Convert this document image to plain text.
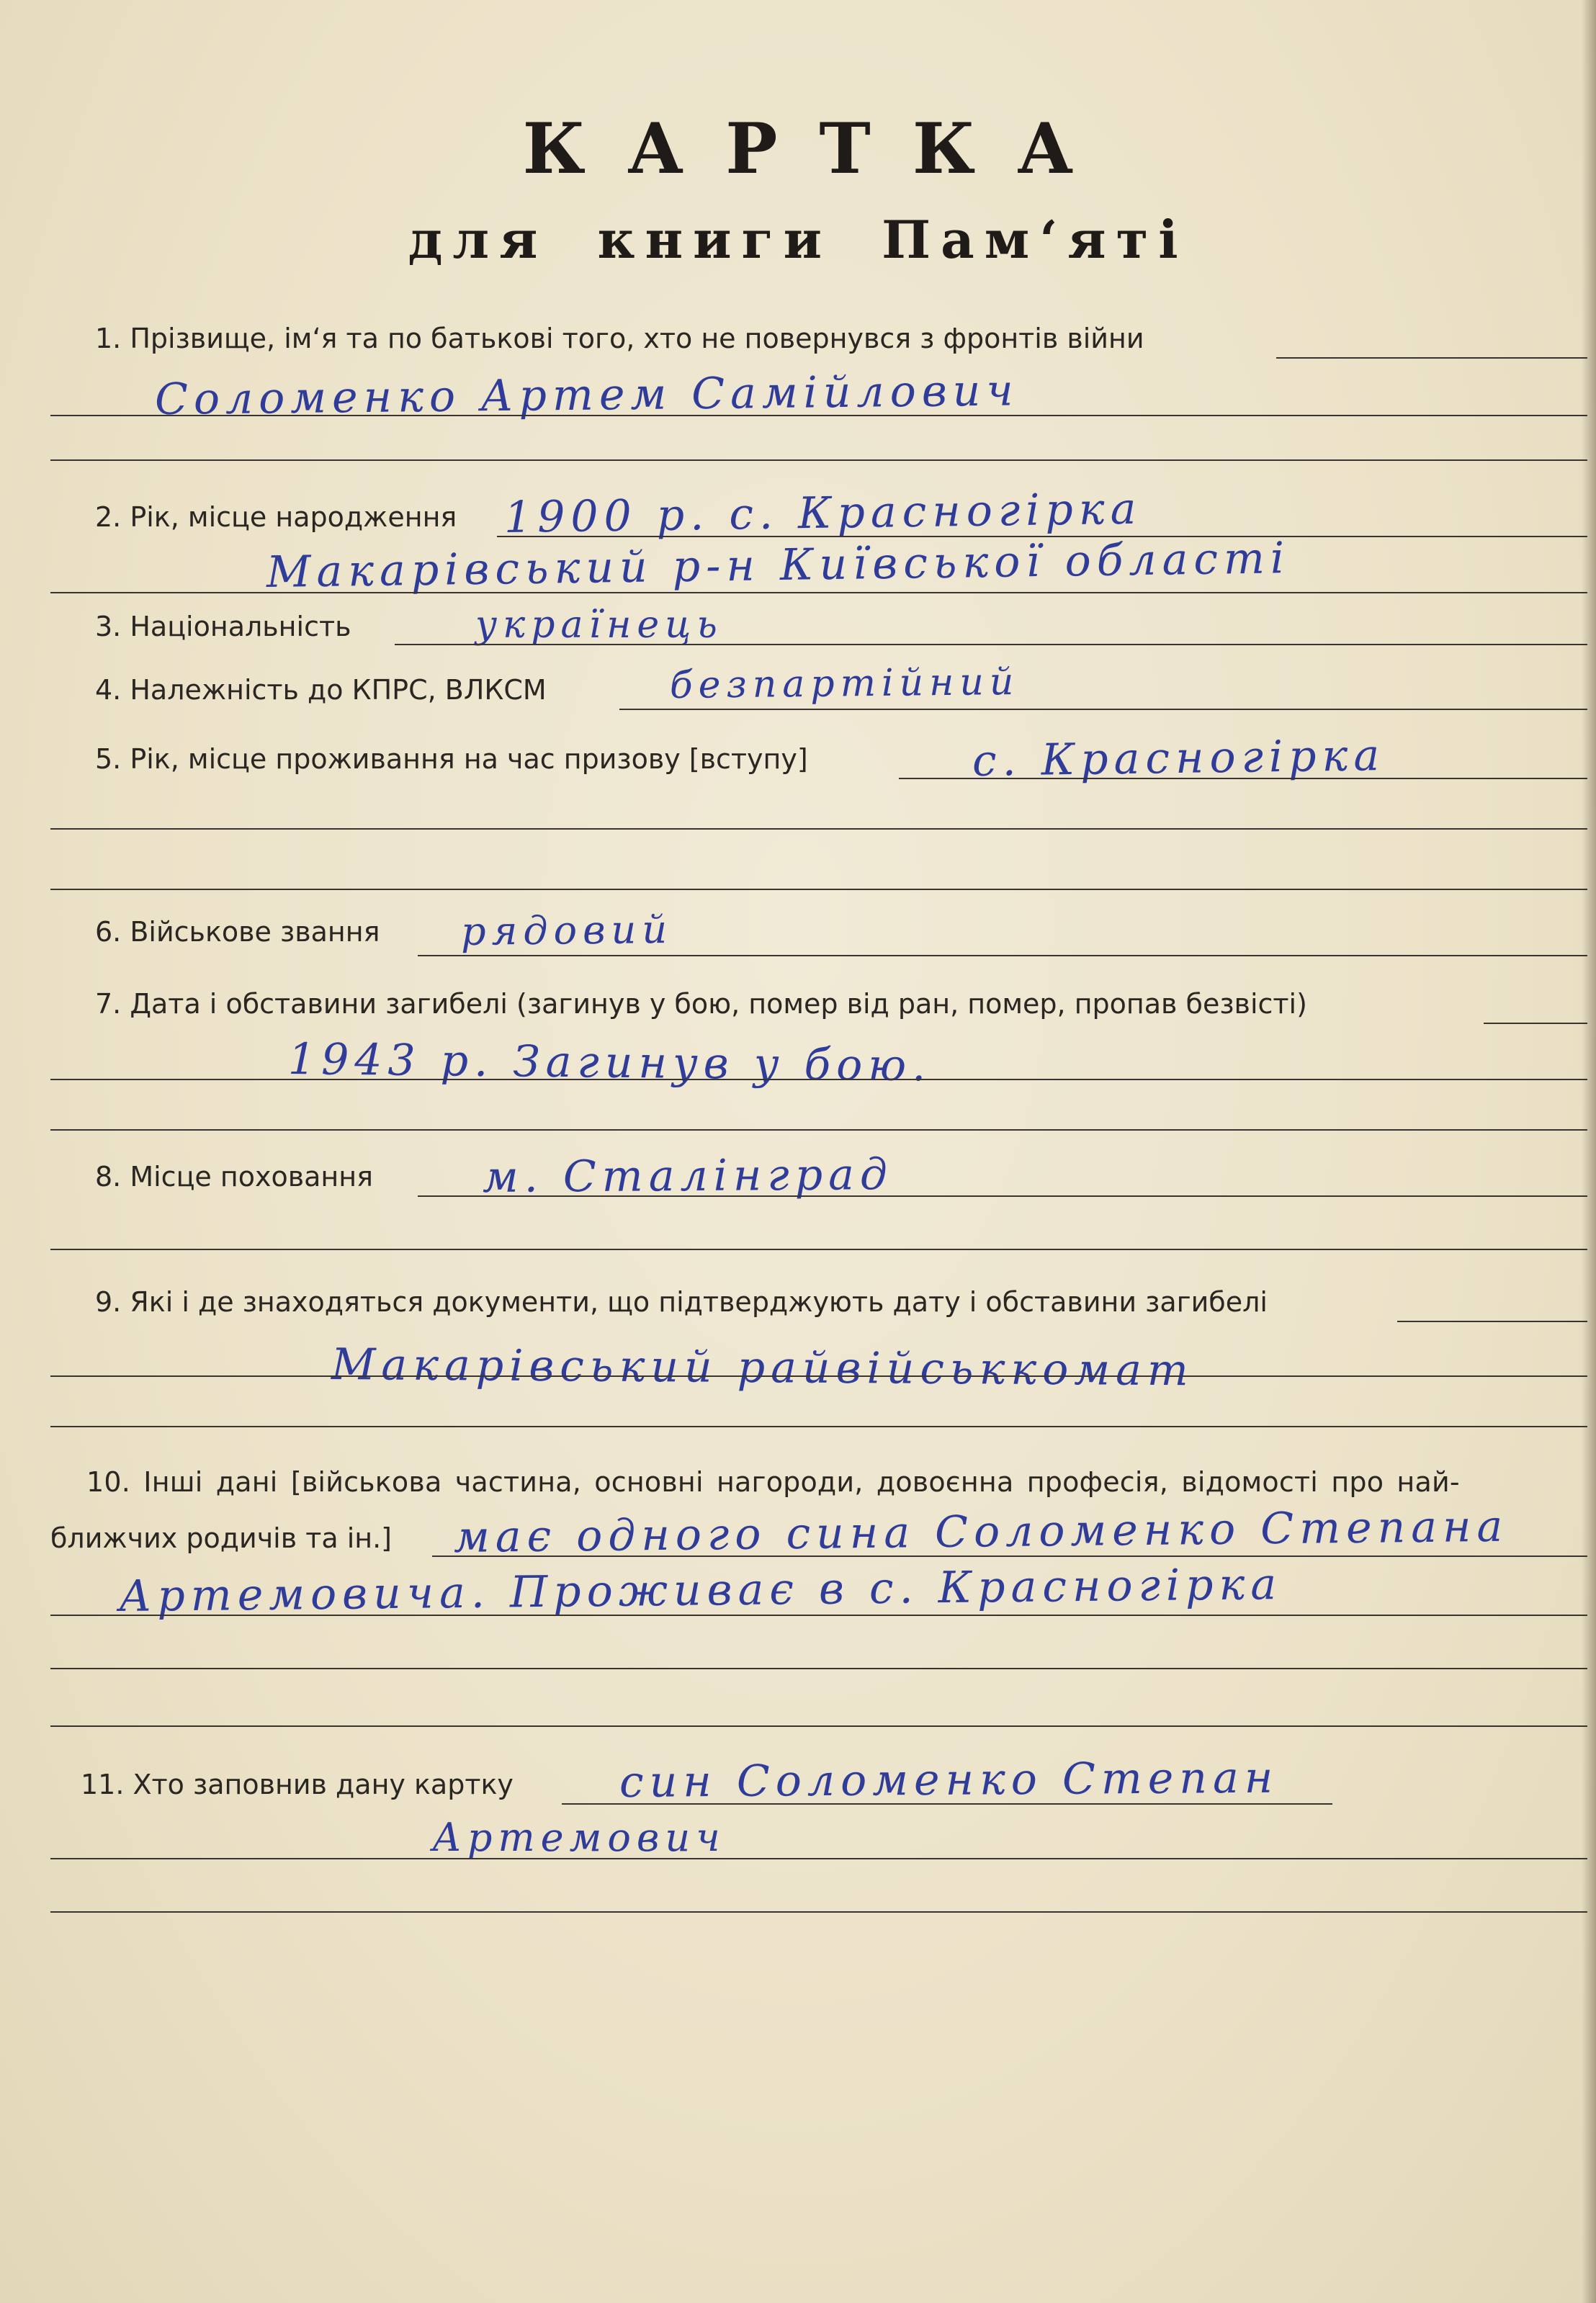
КАРТКА
для книги Пам‘яті
1. Прізвище, ім‘я та по батькові того, хто не повернувся з фронтів війни
Соломенко Артем Самійлович
2. Рік, місце народження 1900 р. с. Красногірка
Макарівський р-н Київської області
3. Національність	українець
4. Належність до КПРС, ВЛКСМ	безпартійний
5. Рік, місце проживання на час призову [вступу]	с. Красногірка
6. Військове звання рядовий
7. Дата і обставини загибелі (загинув у бою, помер від ран, помер, пропав безвісті)
1943 р. Загинув у бою.
8. Місце поховання	м. Сталінград
9. Які і де знаходяться документи, що підтверджують дату і обставини загибелі
Макарівський райвійськкомат
10. Інші дані [військова частина, основні нагороди, довоєнна професія, відомості про най-
ближчих родичів та ін.] має одного сина Соломенко Степана
Артемовича. Проживає в с. Красногірка
11. Хто заповнив дану картку син Соломенко Степан
Артемович
